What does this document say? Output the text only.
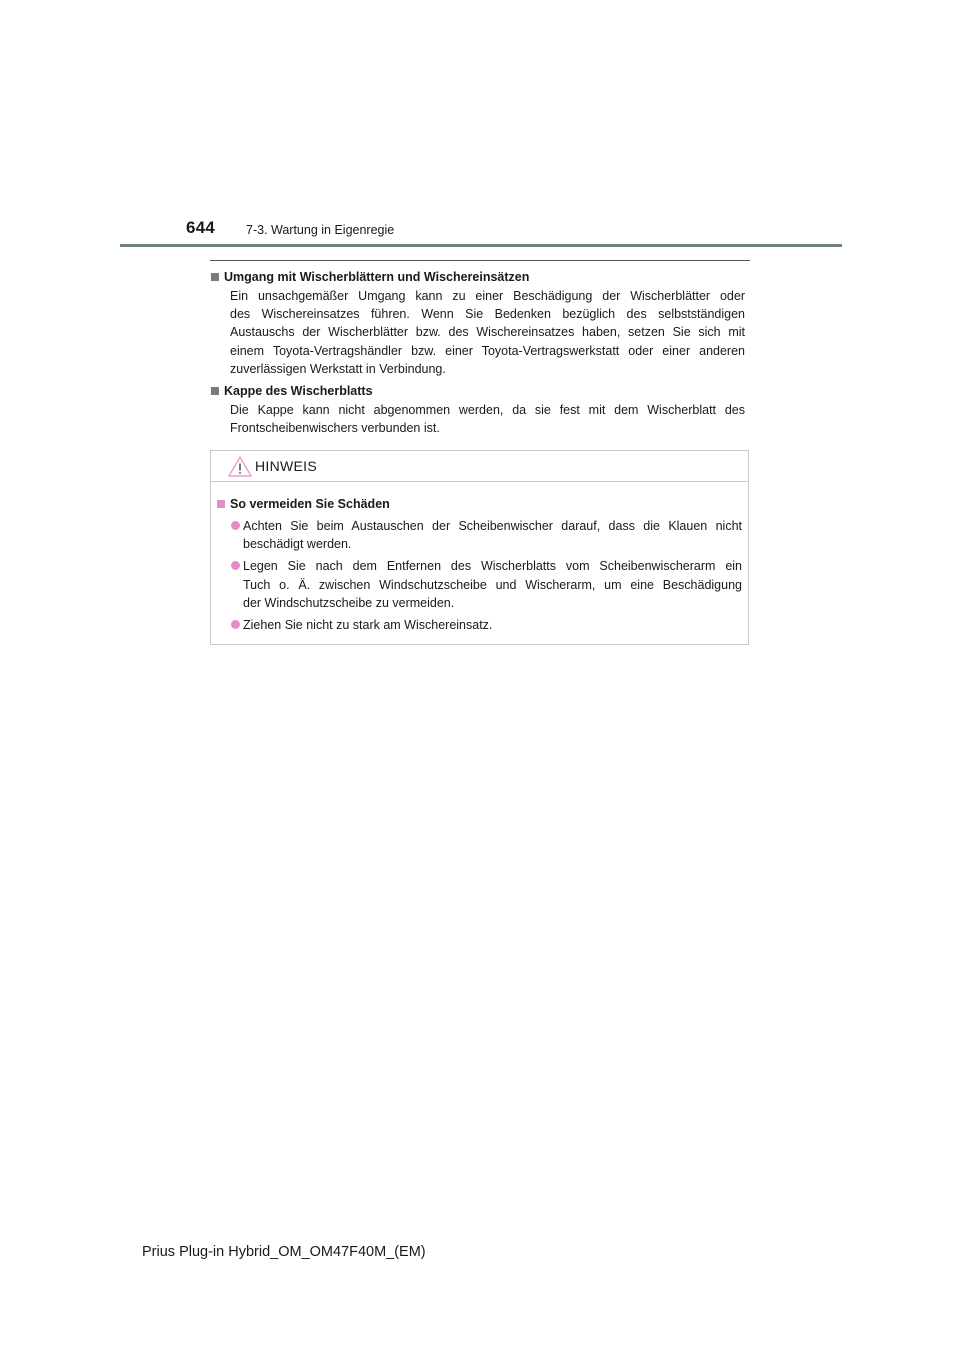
644 7-3. Wartung in Eigenregie
Umgang mit Wischerblättern und Wischereinsätzen
Ein unsachgemäßer Umgang kann zu einer Beschädigung der Wischerblätter oder
des Wischereinsatzes führen. Wenn Sie Bedenken bezüglich des selbstständigen
Austauschs der Wischerblätter bzw. des Wischereinsatzes haben, setzen Sie sich mit
einem Toyota-Vertragshändler bzw. einer Toyota-Vertragswerkstatt oder einer anderen
zuverlässigen Werkstatt in Verbindung.
Kappe des Wischerblatts
Die Kappe kann nicht abgenommen werden, da sie fest mit dem Wischerblatt des
Frontscheibenwischers verbunden ist.
HINWEIS
So vermeiden Sie Schäden
Achten Sie beim Austauschen der Scheibenwischer darauf, dass die Klauen nicht
beschädigt werden.
Legen Sie nach dem Entfernen des Wischerblatts vom Scheibenwischerarm ein
Tuch o. Ä. zwischen Windschutzscheibe und Wischerarm, um eine Beschädigung
der Windschutzscheibe zu vermeiden.
Ziehen Sie nicht zu stark am Wischereinsatz.
Prius Plug-in Hybrid_OM_OM47F40M_(EM)
